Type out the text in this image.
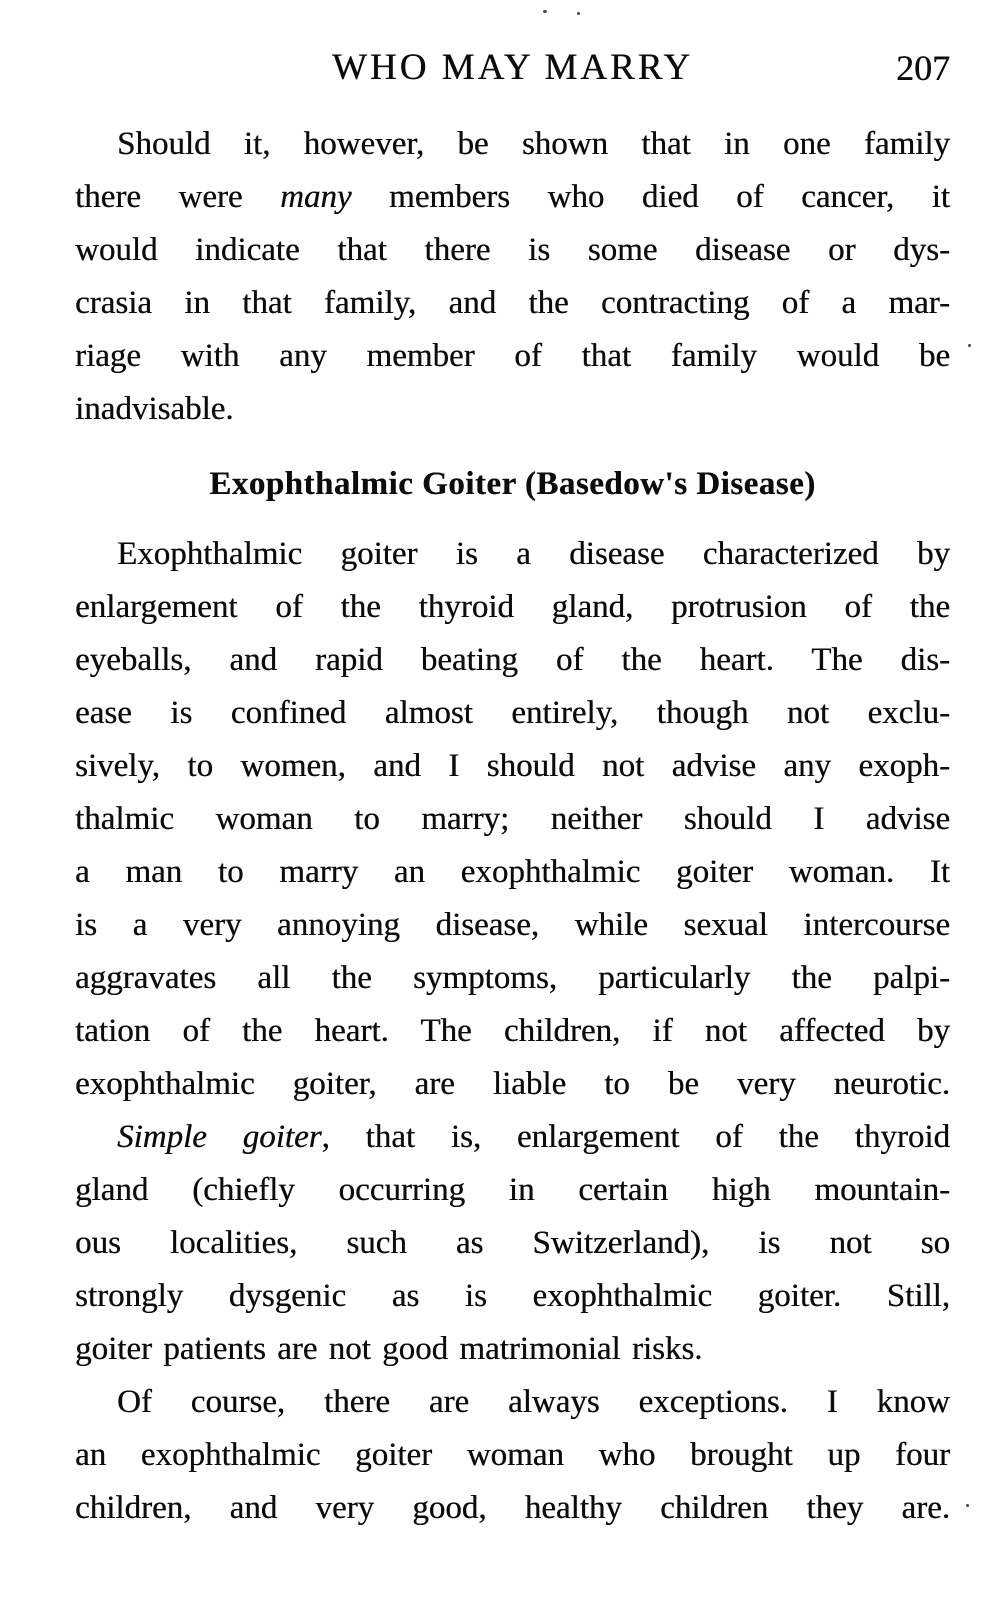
WHO MAY MARRY	207
Should it, however, be shown that in one family
there were many members who died of cancer, it
would indicate that there is some disease or dys-
crasia in that family, and the contracting of a mar-
riage with any member of that family would be
inadvisable.
Exophthalmic Goiter (Basedow's Disease)
Exophthalmic goiter is a disease characterized by
enlargement of the thyroid gland, protrusion of the
eyeballs, and rapid beating of the heart. The dis-
ease is confined almost entirely, though not exclu-
sively, to women, and I should not advise any exoph-
thalmic woman to marry; neither should I advise
a man to marry an exophthalmic goiter woman. It
is a very annoying disease, while sexual intercourse
aggravates all the symptoms, particularly the palpi-
tation of the heart. The children, if not affected by
exophthalmic goiter, are liable to be very neurotic.
Simple goiter, that is, enlargement of the thyroid
gland (chiefly occurring in certain high mountain-
ous localities, such as Switzerland), is not so
strongly dysgenic as is exophthalmic goiter. Still,
goiter patients are not good matrimonial risks.
Of course, there are always exceptions. I know
an exophthalmic goiter woman who brought up four
children, and very good, healthy children they are.
